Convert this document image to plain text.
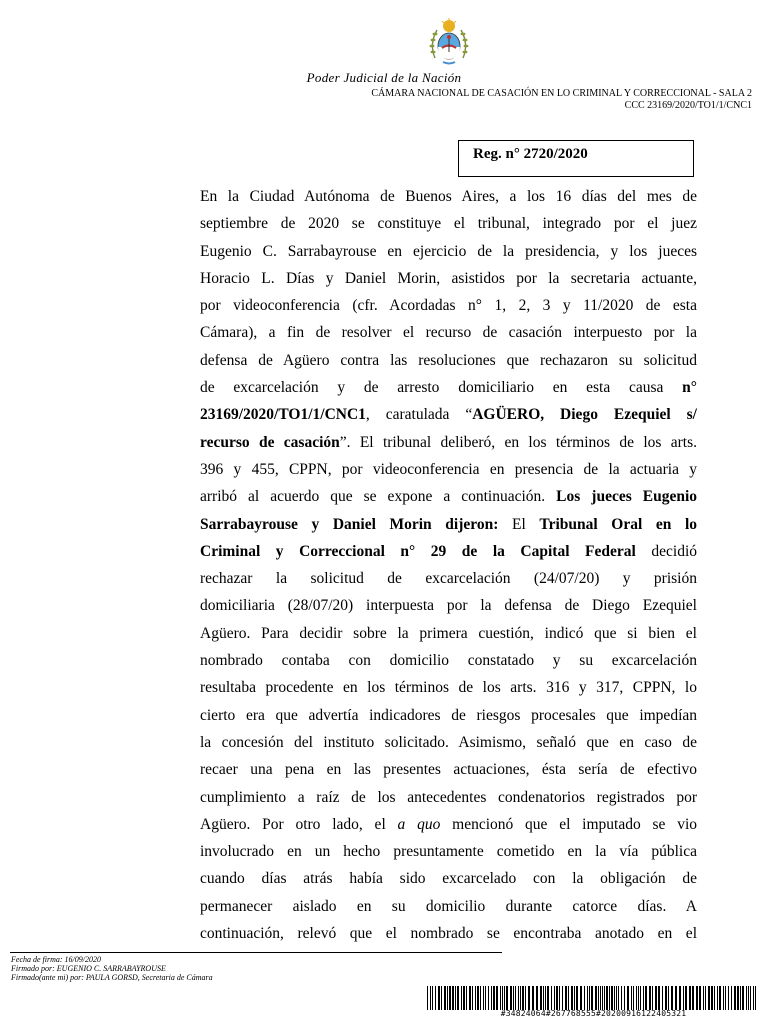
Poder Judicial de la Nación
CÁMARA NACIONAL DE CASACIÓN EN LO CRIMINAL Y CORRECCIONAL - SALA 2
CCC 23169/2020/TO1/1/CNC1
Reg. n° 2720/2020
En la Ciudad Autónoma de Buenos Aires, a los 16 días del mes de
septiembre de 2020 se constituye el tribunal, integrado por el juez
Eugenio C. Sarrabayrouse en ejercicio de la presidencia, y los jueces
Horacio L. Días y Daniel Morin, asistidos por la secretaria actuante,
por videoconferencia (cfr. Acordadas n° 1, 2, 3 y 11/2020 de esta
Cámara), a fin de resolver el recurso de casación interpuesto por la
defensa de Agüero contra las resoluciones que rechazaron su solicitud
de excarcelación y de arresto domiciliario en esta causa n°
23169/2020/TO1/1/CNC1, caratulada “AGÜERO, Diego Ezequiel s/
recurso de casación”. El tribunal deliberó, en los términos de los arts.
396 y 455, CPPN, por videoconferencia en presencia de la actuaria y
arribó al acuerdo que se expone a continuación. Los jueces Eugenio
Sarrabayrouse y Daniel Morin dijeron: El Tribunal Oral en lo
Criminal y Correccional n° 29 de la Capital Federal decidió
rechazar la solicitud de excarcelación (24/07/20) y prisión
domiciliaria (28/07/20) interpuesta por la defensa de Diego Ezequiel
Agüero. Para decidir sobre la primera cuestión, indicó que si bien el
nombrado contaba con domicilio constatado y su excarcelación
resultaba procedente en los términos de los arts. 316 y 317, CPPN, lo
cierto era que advertía indicadores de riesgos procesales que impedían
la concesión del instituto solicitado. Asimismo, señaló que en caso de
recaer una pena en las presentes actuaciones, ésta sería de efectivo
cumplimiento a raíz de los antecedentes condenatorios registrados por
Agüero. Por otro lado, el a quo mencionó que el imputado se vio
involucrado en un hecho presuntamente cometido en la vía pública
cuando días atrás había sido excarcelado con la obligación de
permanecer aislado en su domicilio durante catorce días. A
continuación, relevó que el nombrado se encontraba anotado en el
Fecha de firma: 16/09/2020
Firmado por: EUGENIO C. SARRABAYROUSE
Firmado(ante mi) por: PAULA GORSD, Secretaria de Cámara
#34824064#267768555#20200916122405321
